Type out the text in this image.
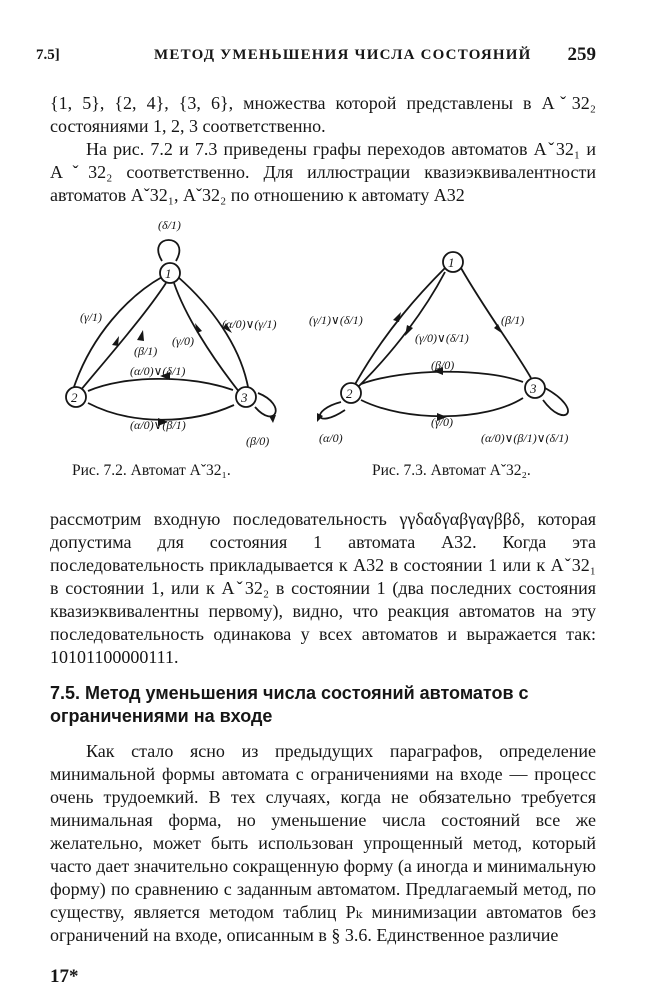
7.5]	МЕТОД УМЕНЬШЕНИЯ ЧИСЛА СОСТОЯНИЙ 259

{1, 5}, {2, 4}, {3, 6}, множества которой представлены в Аˇ32₂ состояниями 1, 2, 3 соответственно.

На рис. 7.2 и 7.3 приведены графы переходов автоматов Аˇ32₁ и Аˇ32₂ соответственно. Для иллюстрации квазиэквивалентности автоматов Аˇ32₁, Аˇ32₂ по отношению к автомату А32

1
2	3
(δ/1)
(γ/1)
(β/1)
(γ/0)
(α/0)∨(γ/1)
(α/0)∨(δ/1)
(α/0)∨(β/1)
(β/0)
1
2	3
(γ/1)∨(δ/1)
(γ/0)∨(δ/1)
(β/1)
(β/0)
(γ/0)
(α/0)	(α/0)∨(β/1)∨(δ/1)
Рис. 7.2. Автомат Аˇ32₁.	Рис. 7.3. Автомат Аˇ32₂.

рассмотрим входную последовательность γγδαδγαβγαγββδ, которая допустима для состояния 1 автомата А32. Когда эта последовательность прикладывается к А32 в состоянии 1 или к Аˇ32₁ в состоянии 1, или к Аˇ32₂ в состоянии 1 (два последних состояния квазиэквивалентны первому), видно, что реакция автоматов на эту последовательность одинакова у всех автоматов и выражается так: 10101100000111.

7.5. Метод уменьшения числа состояний автоматов с ограничениями на входе

Как стало ясно из предыдущих параграфов, определение минимальной формы автомата с ограничениями на входе — процесс очень трудоемкий. В тех случаях, когда не обязательно требуется минимальная форма, но уменьшение числа состояний все же желательно, может быть использован упрощенный метод, который часто дает значительно сокращенную форму (а иногда и минимальную форму) по сравнению с заданным автоматом. Предлагаемый метод, по существу, является методом таблиц Pₖ минимизации автоматов без ограничений на входе, описанным в § 3.6. Единственное различие

17*
